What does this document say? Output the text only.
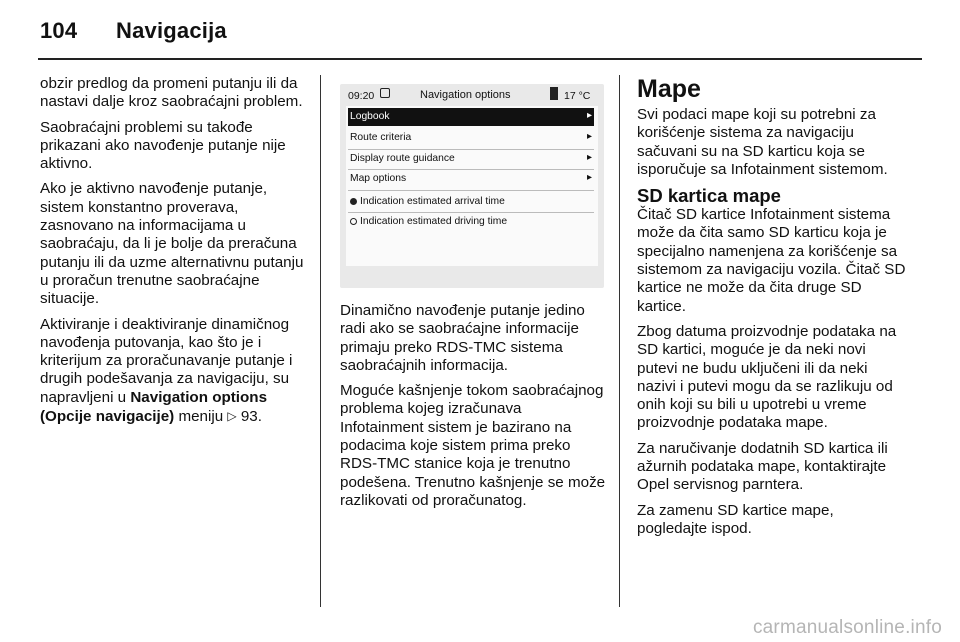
104 Navigacija

obzir predlog da promeni putanju ili da nastavi dalje kroz saobraćajni problem.

Saobraćajni problemi su takođe prikazani ako navođenje putanje nije aktivno.

Ako je aktivno navođenje putanje, sistem konstantno proverava, zasnovano na informacijama u saobraćaju, da li je bolje da preračuna putanju ili da uzme alternativnu putanju u proračun trenutne saobraćajne situacije.

Aktiviranje i deaktiviranje dinamičnog navođenja putovanja, kao što je i kriterijum za proračunavanje putanje i drugih podešavanja za navigaciju, su napravljeni u Navigation options (Opcije navigacije) meniju ▷ 93.

09:20	Navigation options	17 °C
Logbook	▸
Route criteria	▸
Display route guidance	▸
Map options	▸
Indication estimated arrival time
Indication estimated driving time

Dinamično navođenje putanje jedino radi ako se saobraćajne informacije primaju preko RDS-TMC sistema saobraćajnih informacija.

Moguće kašnjenje tokom saobraćajnog problema kojeg izračunava Infotainment sistem je bazirano na podacima koje sistem prima preko RDS-TMC stanice koja je trenutno podešena. Trenutno kašnjenje se može razlikovati od proračunatog.

Mape

Svi podaci mape koji su potrebni za korišćenje sistema za navigaciju sačuvani su na SD karticu koja se isporučuje sa Infotainment sistemom.

SD kartica mape

Čitač SD kartice Infotainment sistema može da čita samo SD karticu koja je specijalno namenjena za korišćenje sa sistemom za navigaciju vozila. Čitač SD kartice ne može da čita druge SD kartice.

Zbog datuma proizvodnje podataka na SD kartici, moguće je da neki novi putevi ne budu uključeni ili da neki nazivi i putevi mogu da se razlikuju od onih koji su bili u upotrebi u vreme proizvodnje podataka mape.

Za naručivanje dodatnih SD kartica ili ažurnih podataka mape, kontaktirajte Opel servisnog parntera.

Za zamenu SD kartice mape, pogledajte ispod.

carmanualsonline.info
